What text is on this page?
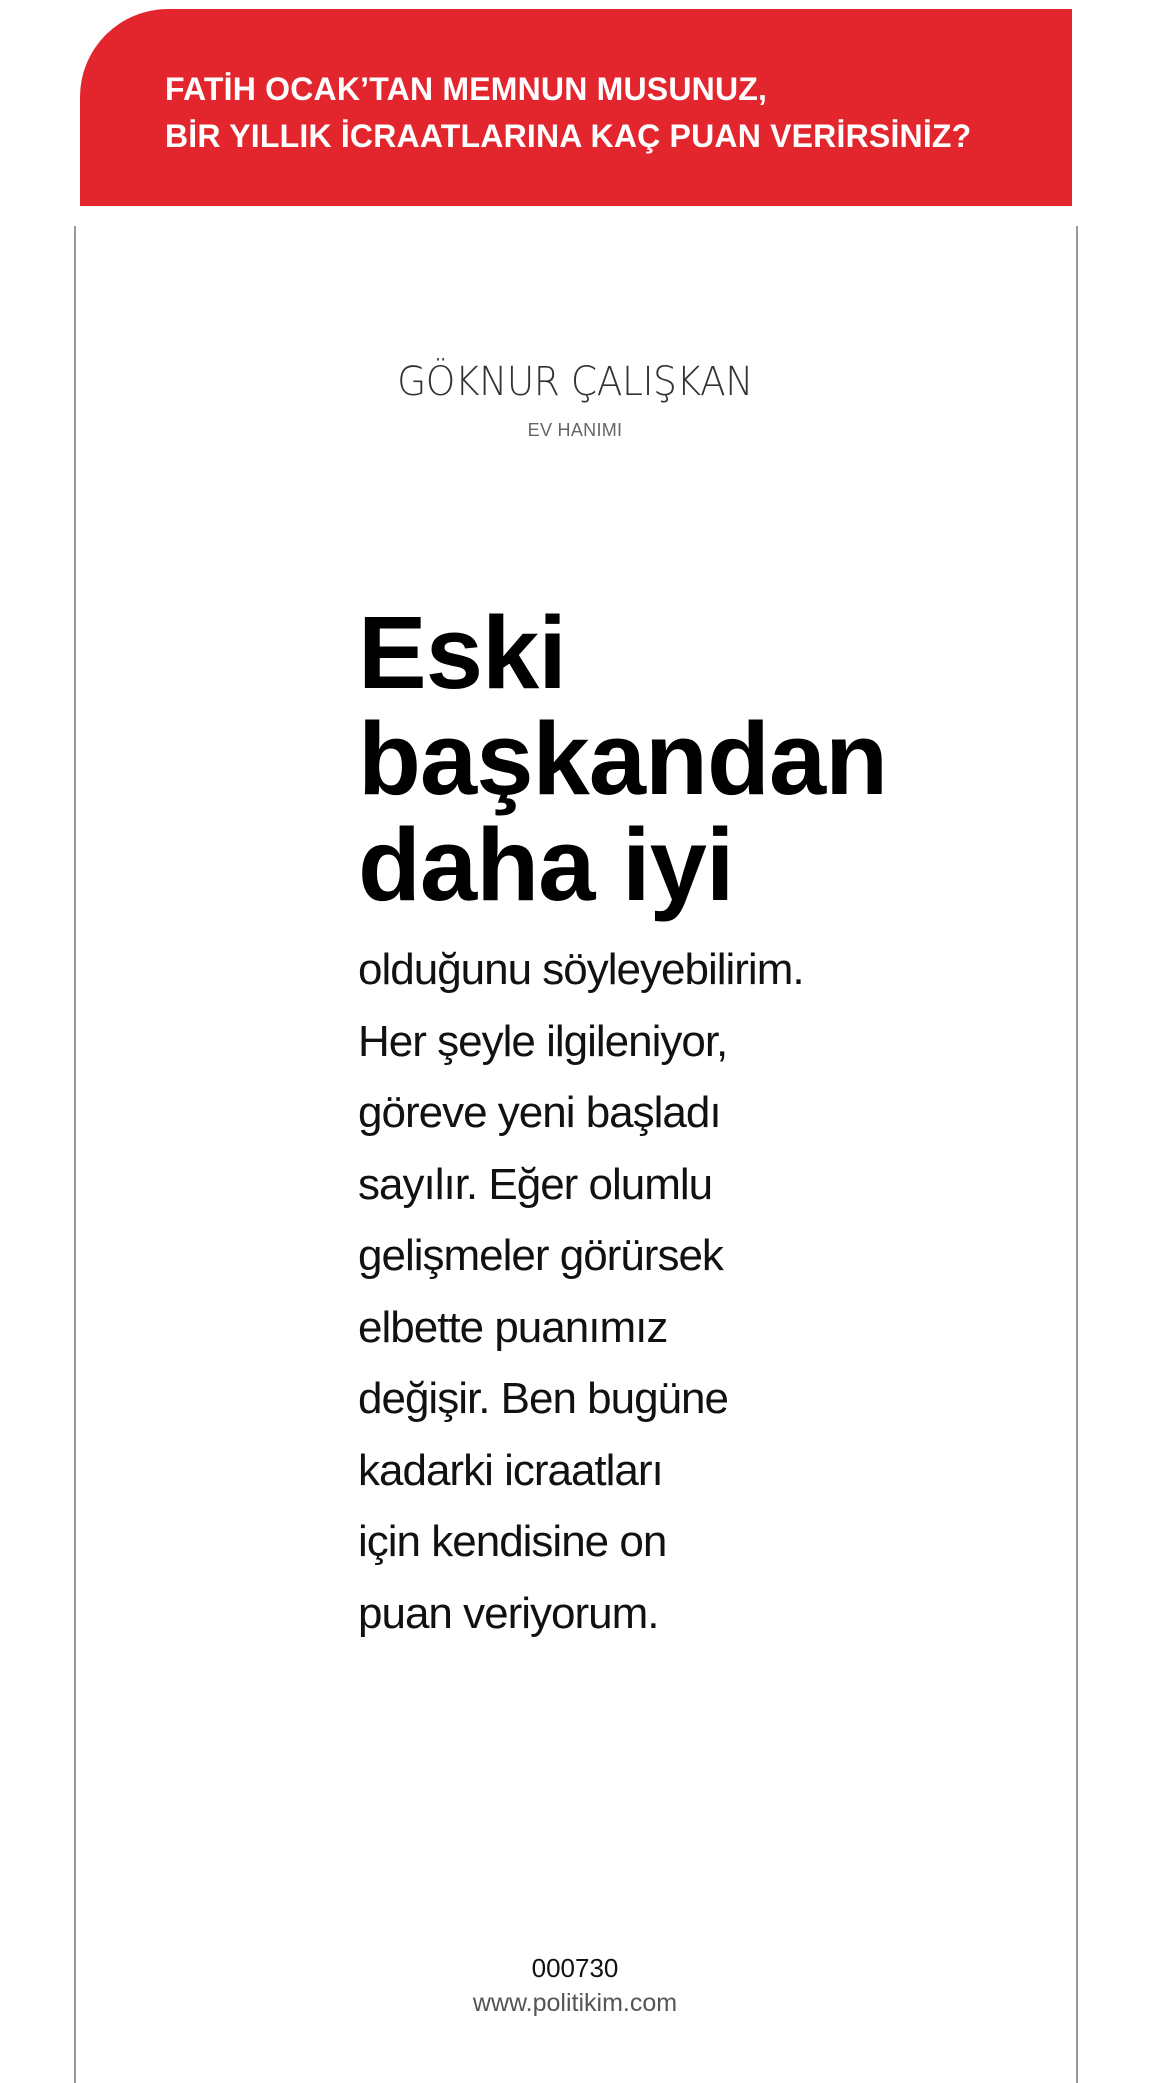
FATİH OCAK’TAN MEMNUN MUSUNUZ,
BİR YILLIK İCRAATLARINA KAÇ PUAN VERİRSİNİZ?
GÖKNUR ÇALIŞKAN
EV HANIMI
Eski
başkandan
daha iyi
olduğunu söyleyebilirim.
Her şeyle ilgileniyor,
göreve yeni başladı
sayılır. Eğer olumlu
gelişmeler görürsek
elbette puanımız
değişir. Ben bugüne
kadarki icraatları
için kendisine on
puan veriyorum.
000730
www.politikim.com
